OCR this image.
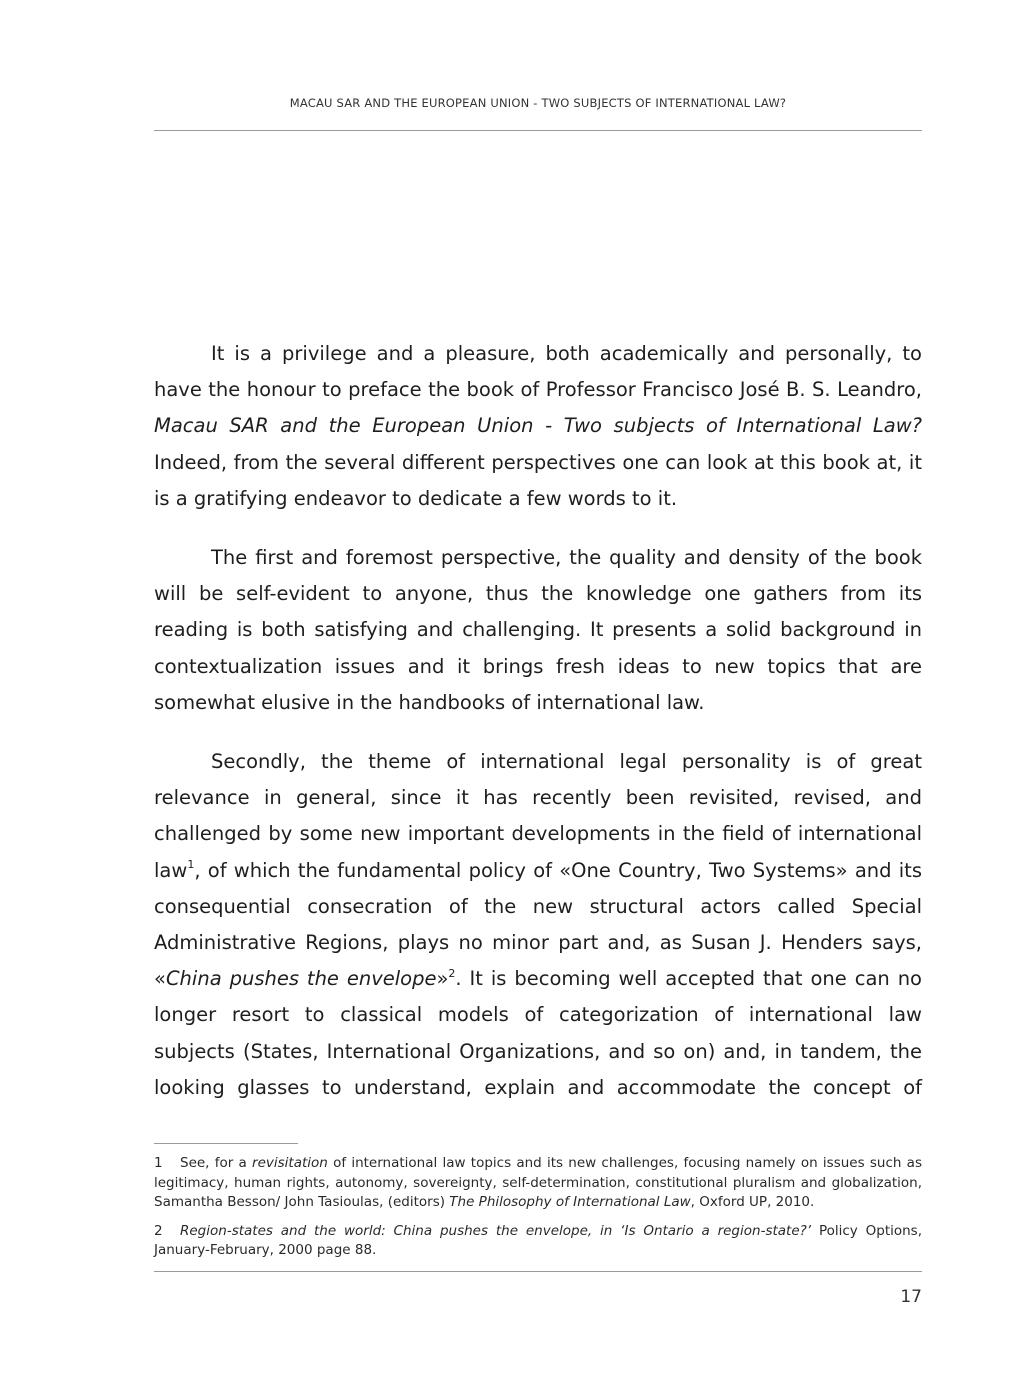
MACAU SAR AND THE EUROPEAN UNION - TWO SUBJECTS OF INTERNATIONAL LAW?

It is a privilege and a pleasure, both academically and personally, to have the honour to preface the book of Professor Francisco José B. S. Leandro, Macau SAR and the European Union - Two subjects of International Law? Indeed, from the several different perspectives one can look at this book at, it is a gratifying endeavor to dedicate a few words to it.

The first and foremost perspective, the quality and density of the book will be self-evident to anyone, thus the knowledge one gathers from its reading is both satisfying and challenging. It presents a solid background in contextualization issues and it brings fresh ideas to new topics that are somewhat elusive in the handbooks of international law.

Secondly, the theme of international legal personality is of great relevance in general, since it has recently been revisited, revised, and challenged by some new important developments in the field of international law$^1$, of which the fundamental policy of «One Country, Two Systems» and its consequential consecration of the new structural actors called Special Administrative Regions, plays no minor part and, as Susan J. Henders says, «China pushes the envelope»$^2$. It is becoming well accepted that one can no longer resort to classical models of categorization of international law subjects (States, International Organizations, and so on) and, in tandem, the looking glasses to understand, explain and accommodate the concept of

1 See, for a revisitation of international law topics and its new challenges, focusing namely on issues such as legitimacy, human rights, autonomy, sovereignty, self-determination, constitutional pluralism and globalization, Samantha Besson/ John Tasioulas, (editors) The Philosophy of International Law, Oxford UP, 2010.
2 Region-states and the world: China pushes the envelope, in ‘Is Ontario a region-state?’ Policy Options, January-February, 2000 page 88.
17
